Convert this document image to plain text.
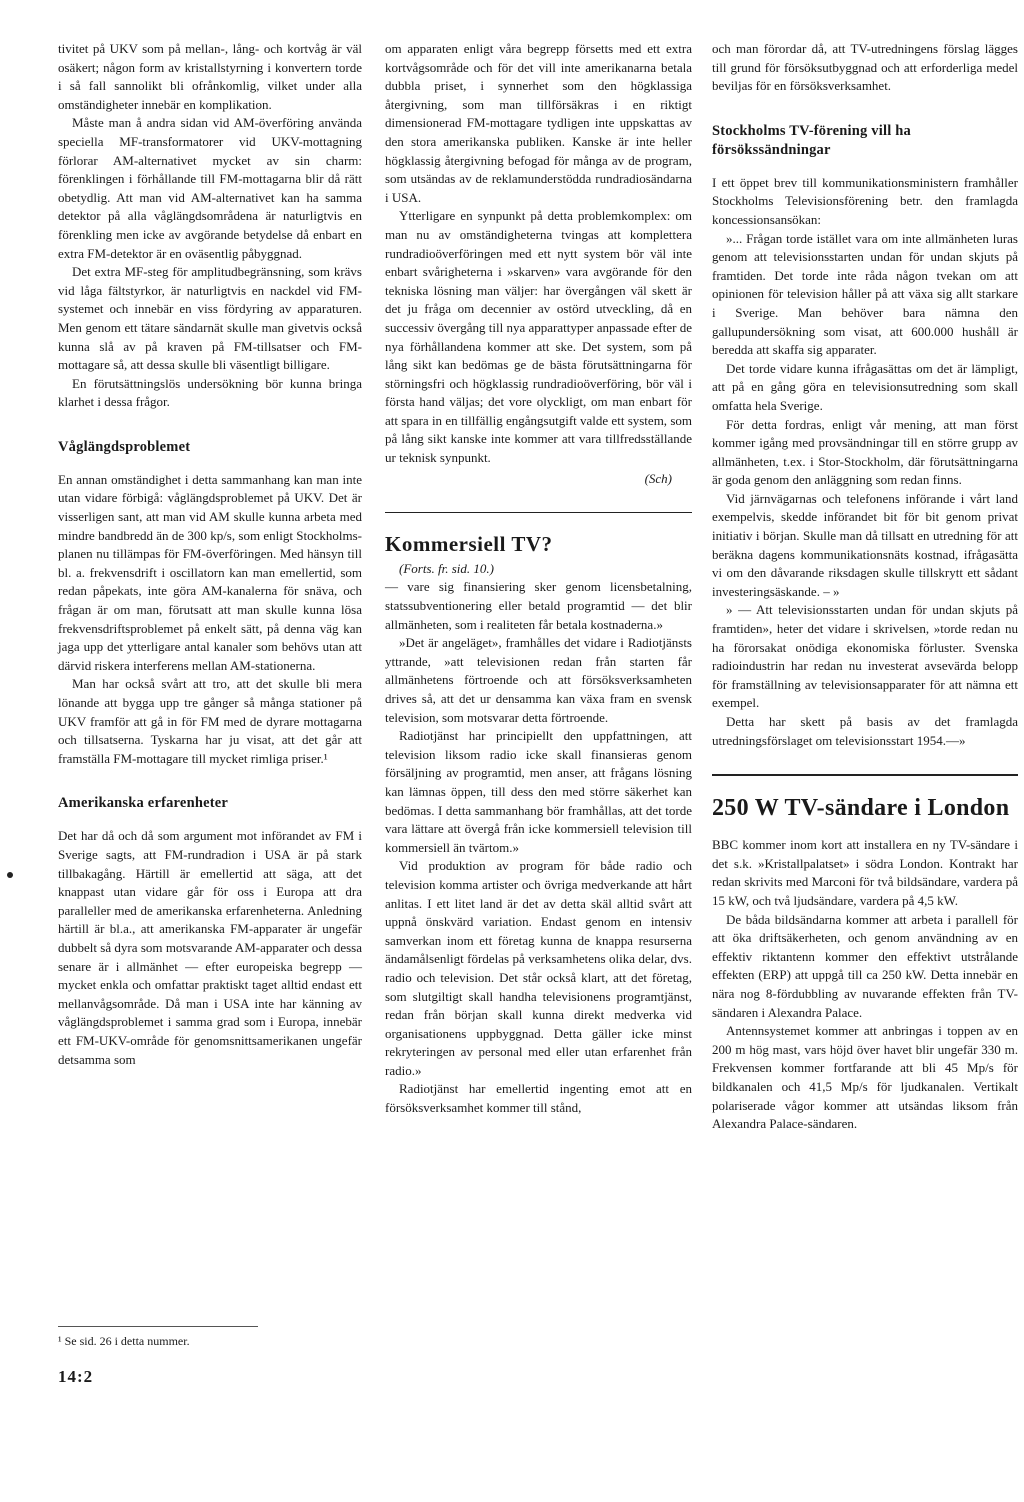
tivitet på UKV som på mellan-, lång- och kortvåg är väl osäkert; någon form av kristallstyrning i konvertern torde i så fall sannolikt bli ofrånkomlig, vilket under alla omständigheter innebär en komplikation.

Måste man å andra sidan vid AM-överföring använda speciella MF-transformatorer vid UKV-mottagning förlorar AM-alternativet mycket av sin charm: förenklingen i förhållande till FM-mottagarna blir då rätt obetydlig. Att man vid AM-alternativet kan ha samma detektor på alla våglängdsområdena är naturligtvis en förenkling men icke av avgörande betydelse då enbart en extra FM-detektor är en oväsentlig påbyggnad.

Det extra MF-steg för amplitudbegränsning, som krävs vid låga fältstyrkor, är naturligtvis en nackdel vid FM-systemet och innebär en viss fördyring av apparaturen. Men genom ett tätare sändarnät skulle man givetvis också kunna slå av på kraven på FM-tillsatser och FM-mottagare så, att dessa skulle bli väsentligt billigare.

En förutsättningslös undersökning bör kunna bringa klarhet i dessa frågor.

Våglängdsproblemet

En annan omständighet i detta sammanhang kan man inte utan vidare förbigå: våglängdsproblemet på UKV. Det är visserligen sant, att man vid AM skulle kunna arbeta med mindre bandbredd än de 300 kp/s, som enligt Stockholms-planen nu tillämpas för FM-överföringen. Med hänsyn till bl. a. frekvensdrift i oscillatorn kan man emellertid, som redan påpekats, inte göra AM-kanalerna för snäva, och frågan är om man, förutsatt att man skulle kunna lösa frekvensdriftsproblemet på enkelt sätt, på denna väg kan jaga upp det ytterligare antal kanaler som behövs utan att därvid riskera interferens mellan AM-stationerna.

Man har också svårt att tro, att det skulle bli mera lönande att bygga upp tre gånger så många stationer på UKV framför att gå in för FM med de dyrare mottagarna och tillsatserna. Tyskarna har ju visat, att det går att framställa FM-mottagare till mycket rimliga priser.¹

Amerikanska erfarenheter

Det har då och då som argument mot införandet av FM i Sverige sagts, att FM-rundradion i USA är på stark tillbakagång. Härtill är emellertid att säga, att det knappast utan vidare går för oss i Europa att dra paralleller med de amerikanska erfarenheterna. Anledning härtill är bl.a., att amerikanska FM-apparater är ungefär dubbelt så dyra som motsvarande AM-apparater och dessa senare är i allmänhet — efter europeiska begrepp — mycket enkla och omfattar praktiskt taget alltid endast ett mellanvågsområde. Då man i USA inte har känning av våglängdsproblemet i samma grad som i Europa, innebär ett FM-UKV-område för genomsnittsamerikanen ungefär detsamma som

om apparaten enligt våra begrepp försetts med ett extra kortvågsområde och för det vill inte amerikanarna betala dubbla priset, i synnerhet som den högklassiga återgivning, som man tillförsäkras i en riktigt dimensionerad FM-mottagare tydligen inte uppskattas av den stora amerikanska publiken. Kanske är inte heller högklassig återgivning befogad för många av de program, som utsändas av de reklamunderstödda rundradiosändarna i USA.

Ytterligare en synpunkt på detta problemkomplex: om man nu av omständigheterna tvingas att komplettera rundradioöverföringen med ett nytt system bör väl inte enbart svårigheterna i »skarven» vara avgörande för den tekniska lösning man väljer: har övergången väl skett är det ju fråga om decennier av ostörd utveckling, då en successiv övergång till nya apparattyper anpassade efter de nya förhållandena kommer att ske. Det system, som på lång sikt kan bedömas ge de bästa förutsättningarna för störningsfri och högklassig rundradioöverföring, bör väl i första hand väljas; det vore olyckligt, om man enbart för att spara in en tillfällig engångsutgift valde ett system, som på lång sikt kanske inte kommer att vara tillfredsställande ur teknisk synpunkt.

(Sch)
Kommersiell TV?

(Forts. fr. sid. 10.)

— vare sig finansiering sker genom licensbetalning, statssubventionering eller betald programtid — det blir allmänheten, som i realiteten får betala kostnaderna.»

»Det är angeläget», framhålles det vidare i Radiotjänsts yttrande, »att televisionen redan från starten får allmänhetens förtroende och att försöksverksamheten drives så, att det ur densamma kan växa fram en svensk television, som motsvarar detta förtroende.

Radiotjänst har principiellt den uppfattningen, att television liksom radio icke skall finansieras genom försäljning av programtid, men anser, att frågans lösning kan lämnas öppen, till dess den med större säkerhet kan bedömas. I detta sammanhang bör framhållas, att det torde vara lättare att övergå från icke kommersiell television till kommersiell än tvärtom.»

Vid produktion av program för både radio och television komma artister och övriga medverkande att hårt anlitas. I ett litet land är det av detta skäl alltid svårt att uppnå önskvärd variation. Endast genom en intensiv samverkan inom ett företag kunna de knappa resurserna ändamålsenligt fördelas på verksamhetens olika delar, dvs. radio och television. Det står också klart, att det företag, som slutgiltigt skall handha televisionens programtjänst, redan från början skall kunna direkt medverka vid organisationens uppbyggnad. Detta gäller icke minst rekryteringen av personal med eller utan erfarenhet från radio.»

Radiotjänst har emellertid ingenting emot att en försöksverksamhet kommer till stånd,

och man förordar då, att TV-utredningens förslag lägges till grund för försöksutbyggnad och att erforderliga medel beviljas för en försöksverksamhet.

Stockholms TV-förening vill ha försökssändningar

I ett öppet brev till kommunikationsministern framhåller Stockholms Televisionsförening betr. den framlagda koncessionsansökan:

»... Frågan torde istället vara om inte allmänheten luras genom att televisionsstarten undan för undan skjuts på framtiden. Det torde inte råda någon tvekan om att opinionen för television håller på att växa sig allt starkare i Sverige. Man behöver bara nämna den gallupundersökning som visat, att 600.000 hushåll är beredda att skaffa sig apparater.

Det torde vidare kunna ifrågasättas om det är lämpligt, att på en gång göra en televisionsutredning som skall omfatta hela Sverige.

För detta fordras, enligt vår mening, att man först kommer igång med provsändningar till en större grupp av allmänheten, t.ex. i Stor-Stockholm, där förutsättningarna är goda genom den anläggning som redan finns.

Vid järnvägarnas och telefonens införande i vårt land exempelvis, skedde införandet bit för bit genom privat initiativ i början. Skulle man då tillsatt en utredning för att beräkna dagens kommunikationsnäts kostnad, ifrågasätta vi om den dåvarande riksdagen skulle tillskrytt ett sådant investeringsäskande. – »

» — Att televisionsstarten undan för undan skjuts på framtiden», heter det vidare i skrivelsen, »torde redan nu ha förorsakat onödiga ekonomiska förluster. Svenska radioindustrin har redan nu investerat avsevärda belopp för framställning av televisionsapparater för att nämna ett exempel.

Detta har skett på basis av det framlagda utredningsförslaget om televisionsstart 1954.—»

250 W TV-sändare i London

BBC kommer inom kort att installera en ny TV-sändare i det s.k. »Kristallpalatset» i södra London. Kontrakt har redan skrivits med Marconi för två bildsändare, vardera på 15 kW, och två ljudsändare, vardera på 4,5 kW.

De båda bildsändarna kommer att arbeta i parallell för att öka driftsäkerheten, och genom användning av en effektiv riktantenn kommer den effektivt utstrålande effekten (ERP) att uppgå till ca 250 kW. Detta innebär en nära nog 8-fördubbling av nuvarande effekten från TV-sändaren i Alexandra Palace.

Antennsystemet kommer att anbringas i toppen av en 200 m hög mast, vars höjd över havet blir ungefär 330 m. Frekvensen kommer fortfarande att bli 45 Mp/s för bildkanalen och 41,5 Mp/s för ljudkanalen. Vertikalt polariserade vågor kommer att utsändas liksom från Alexandra Palace-sändaren.

¹ Se sid. 26 i detta nummer.
14:2
